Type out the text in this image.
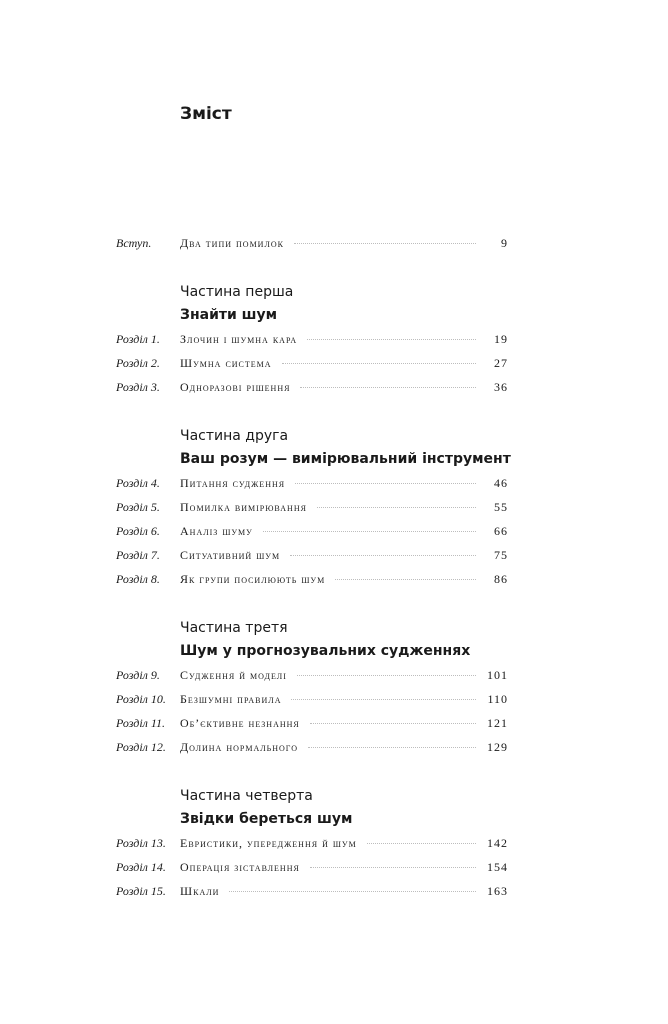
Зміст
Вступ.	Два типи помилок	9
Частина перша
Знайти шум
Розділ 1.	Злочин і шумна кара	19
Розділ 2.	Шумна система	27
Розділ 3.	Одноразові рішення	36
Частина друга
Ваш розум — вимірювальний інструмент
Розділ 4.	Питання судження	46
Розділ 5.	Помилка вимірювання	55
Розділ 6.	Аналіз шуму	66
Розділ 7.	Ситуативний шум	75
Розділ 8.	Як групи посилюють шум	86
Частина третя
Шум у прогнозувальних судженнях
Розділ 9.	Судження й моделі	101
Розділ 10.	Безшумні правила	110
Розділ 11.	Об’єктивне незнання	121
Розділ 12.	Долина нормального	129
Частина четверта
Звідки береться шум
Розділ 13.	Евристики, упередження й шум	142
Розділ 14.	Операція зіставлення	154
Розділ 15.	Шкали	163
